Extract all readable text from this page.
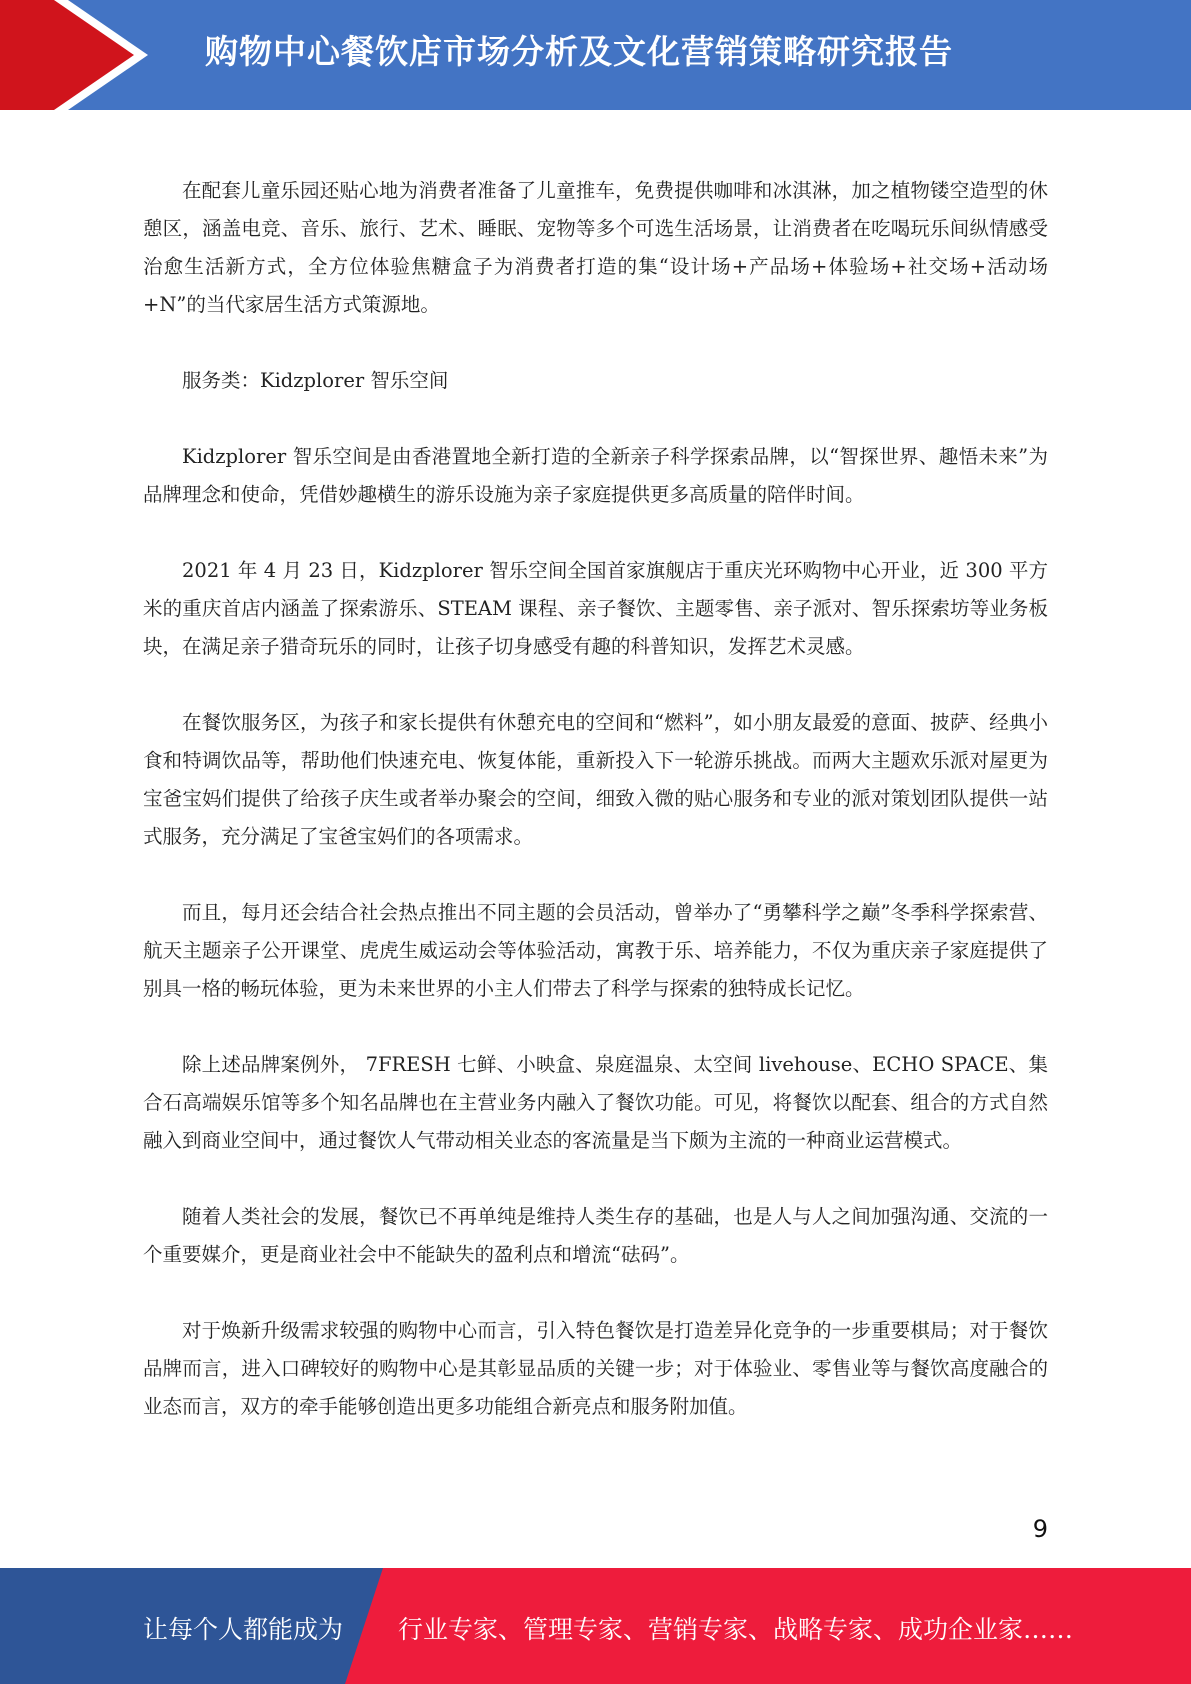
购物中心餐饮店市场分析及文化营销策略研究报告

在配套儿童乐园还贴心地为消费者准备了儿童推车，免费提供咖啡和冰淇淋，加之植物镂空造型的休憩区，涵盖电竞、音乐、旅行、艺术、睡眠、宠物等多个可选生活场景，让消费者在吃喝玩乐间纵情感受治愈生活新方式，全方位体验焦糖盒子为消费者打造的集“设计场+产品场+体验场+社交场+活动场+N”的当代家居生活方式策源地。

服务类：Kidzplorer 智乐空间

Kidzplorer 智乐空间是由香港置地全新打造的全新亲子科学探索品牌，以“智探世界、趣悟未来”为品牌理念和使命，凭借妙趣横生的游乐设施为亲子家庭提供更多高质量的陪伴时间。

2021 年 4 月 23 日，Kidzplorer 智乐空间全国首家旗舰店于重庆光环购物中心开业，近 300 平方米的重庆首店内涵盖了探索游乐、STEAM 课程、亲子餐饮、主题零售、亲子派对、智乐探索坊等业务板块，在满足亲子猎奇玩乐的同时，让孩子切身感受有趣的科普知识，发挥艺术灵感。

在餐饮服务区，为孩子和家长提供有休憩充电的空间和“燃料”，如小朋友最爱的意面、披萨、经典小食和特调饮品等，帮助他们快速充电、恢复体能，重新投入下一轮游乐挑战。而两大主题欢乐派对屋更为宝爸宝妈们提供了给孩子庆生或者举办聚会的空间，细致入微的贴心服务和专业的派对策划团队提供一站式服务，充分满足了宝爸宝妈们的各项需求。

而且，每月还会结合社会热点推出不同主题的会员活动，曾举办了“勇攀科学之巅”冬季科学探索营、航天主题亲子公开课堂、虎虎生威运动会等体验活动，寓教于乐、培养能力，不仅为重庆亲子家庭提供了别具一格的畅玩体验，更为未来世界的小主人们带去了科学与探索的独特成长记忆。

除上述品牌案例外， 7FRESH 七鲜、小映盒、泉庭温泉、太空间 livehouse、ECHO SPACE、集合石高端娱乐馆等多个知名品牌也在主营业务内融入了餐饮功能。可见，将餐饮以配套、组合的方式自然融入到商业空间中，通过餐饮人气带动相关业态的客流量是当下颇为主流的一种商业运营模式。

随着人类社会的发展，餐饮已不再单纯是维持人类生存的基础，也是人与人之间加强沟通、交流的一个重要媒介，更是商业社会中不能缺失的盈利点和增流“砝码”。

对于焕新升级需求较强的购物中心而言，引入特色餐饮是打造差异化竞争的一步重要棋局；对于餐饮品牌而言，进入口碑较好的购物中心是其彰显品质的关键一步；对于体验业、零售业等与餐饮高度融合的业态而言，双方的牵手能够创造出更多功能组合新亮点和服务附加值。

9
让每个人都能成为 行业专家、管理专家、营销专家、战略专家、成功企业家……
